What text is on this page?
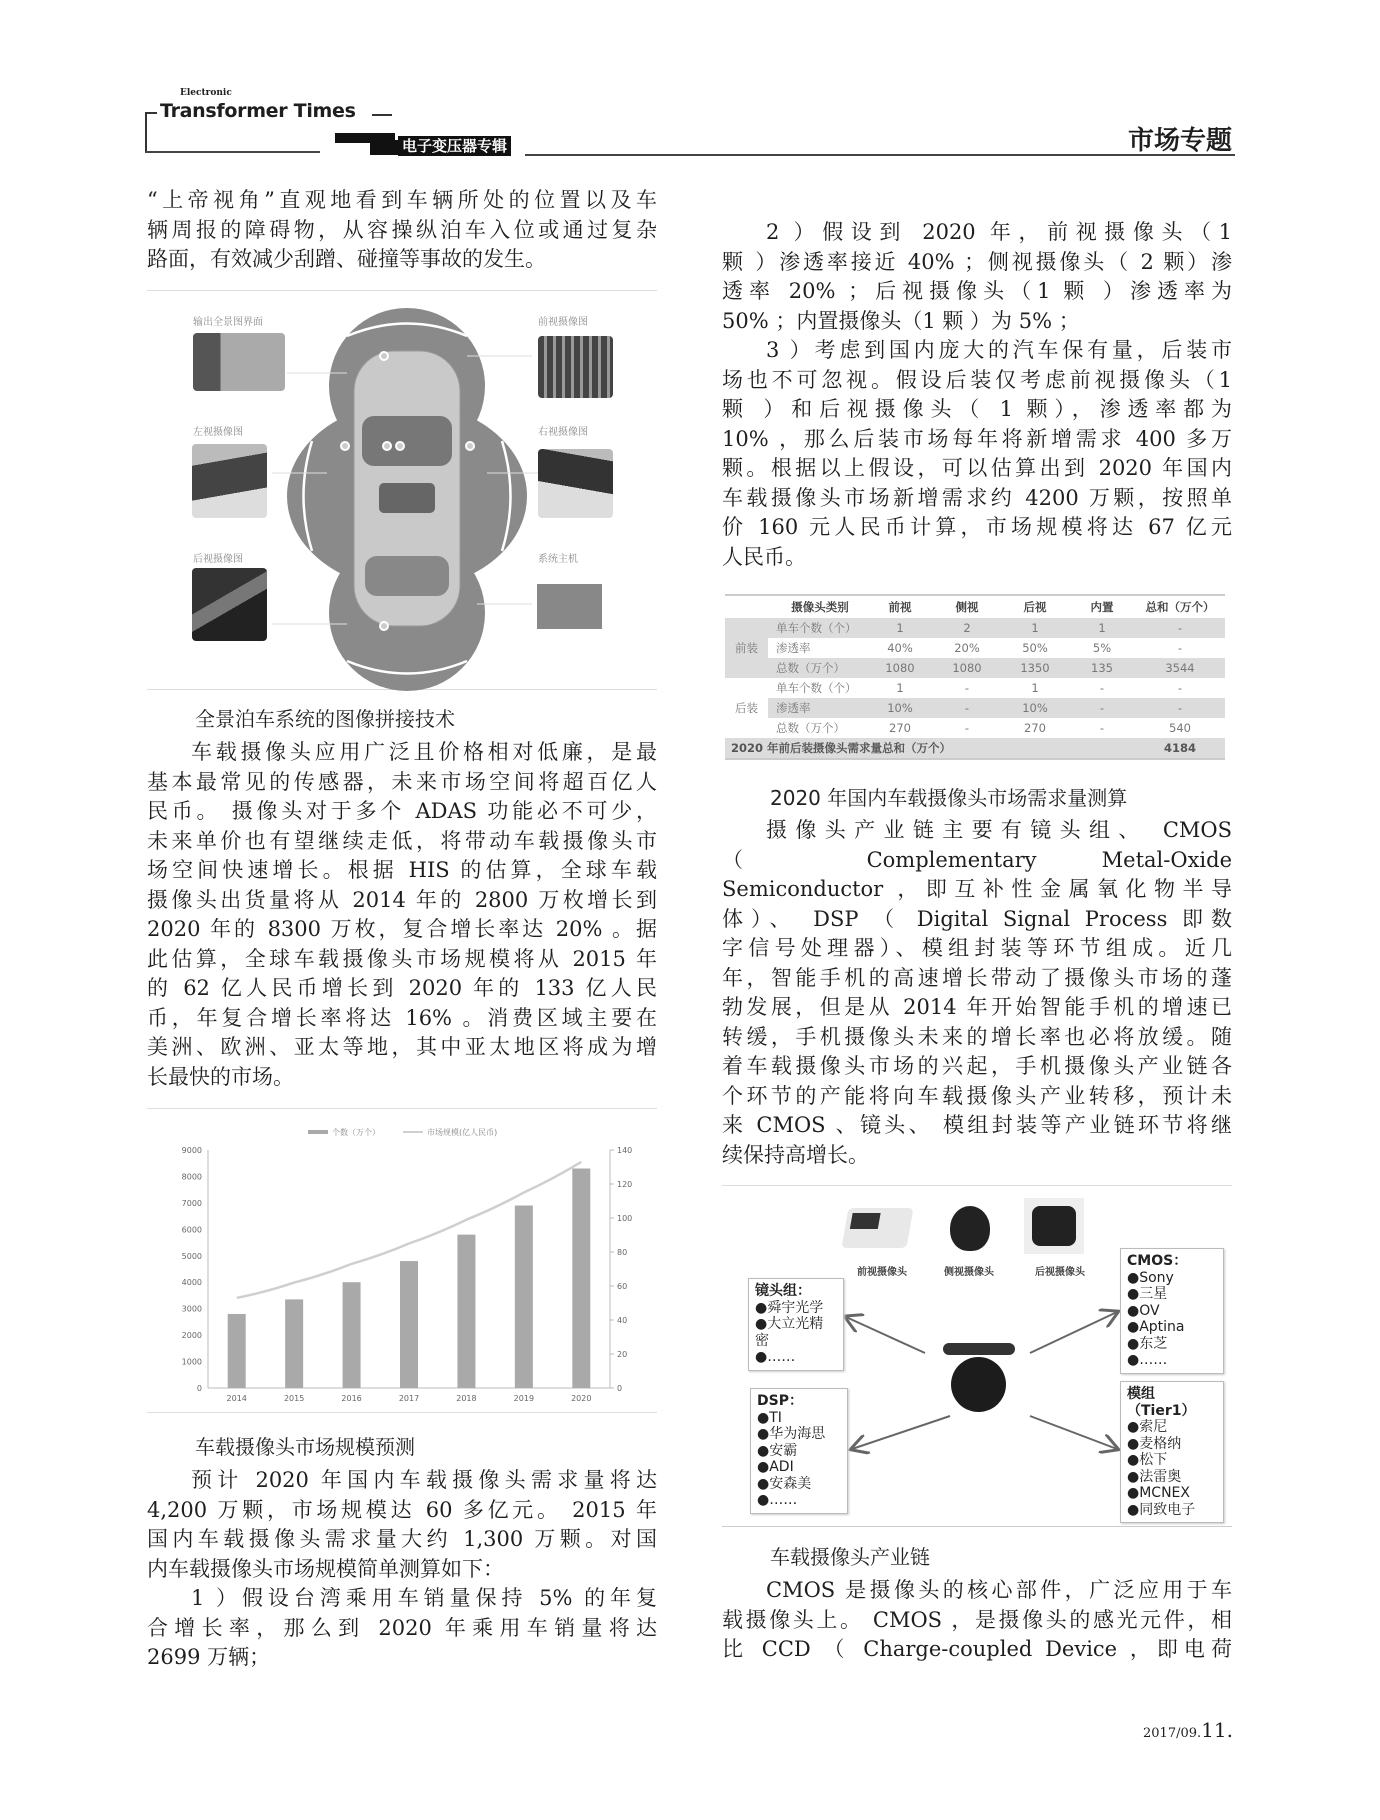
Electronic
Transformer Times
电子变压器专辑	市场专题
“上帝视角”直观地看到车辆所处的位置以及车
辆周报的障碍物，从容操纵泊车入位或通过复杂
路面，有效减少刮蹭、碰撞等事故的发生。
输出全景图界面	前视摄像图
左视摄像图	右视摄像图
后视摄像图	系统主机
全景泊车系统的图像拼接技术
车载摄像头应用广泛且价格相对低廉，是最
基本最常见的传感器，未来市场空间将超百亿人
民币。 摄像头对于多个 ADAS 功能必不可少，
未来单价也有望继续走低，将带动车载摄像头市
场空间快速增长。根据 HIS 的估算，全球车载
摄像头出货量将从 2014 年的 2800 万枚增长到
2020 年的 8300 万枚，复合增长率达 20% 。据
此估算，全球车载摄像头市场规模将从 2015 年
的 62 亿人民币增长到 2020 年的 133 亿人民
币，年复合增长率将达 16% 。消费区域主要在
美洲、欧洲、亚太等地，其中亚太地区将成为增
长最快的市场。
0
1000
2000
3000
4000
5000
6000
7000
8000
9000
0
20
40
60
80
100
120
140
2014	2015	2016	2017	2018	2019	2020
个数（万个）	市场规模(亿人民币)
车载摄像头市场规模预测
预计 2020 年国内车载摄像头需求量将达
4,200 万颗，市场规模达 60 多亿元。 2015 年
国内车载摄像头需求量大约 1,300 万颗。对国
内车载摄像头市场规模简单测算如下：
1 ）假设台湾乘用车销量保持 5% 的年复
合增长率，那么到 2020 年乘用车销量将达
2699 万辆；
2 ）假设到 2020 年，前视摄像头（1
颗 ）渗透率接近 40% ；侧视摄像头（ 2 颗）渗
透率 20% ；后视摄像头（1 颗 ）渗透率为
50% ；内置摄像头（1 颗 ）为 5% ；
3 ）考虑到国内庞大的汽车保有量，后装市
场也不可忽视。假设后装仅考虑前视摄像头（1
颗 ）和后视摄像头（ 1 颗），渗透率都为
10% ，那么后装市场每年将新增需求 400 多万
颗。根据以上假设，可以估算出到 2020 年国内
车载摄像头市场新增需求约 4200 万颗，按照单
价 160 元人民币计算，市场规模将达 67 亿元
人民币。
摄像头类别	前视	侧视	后视	内置	总和（万个）
前装
后装
单车个数（个）	1	2	1	1	-
渗透率	40%	20%	50%	5%	-
总数（万个）	1080	1080	1350	135	3544
单车个数（个）	1	-	1	-	-
渗透率	10%	-	10%	-	-
总数（万个）	270	-	270	-	540
2020 年前后装摄像头需求量总和（万个）	4184
2020 年国内车载摄像头市场需求量测算
摄像头产业链主要有镜头组、 CMOS
（ Complementary Metal-Oxide
Semiconductor ，即互补性金属氧化物半导
体）、 DSP （ Digital Signal Process 即数
字信号处理器）、模组封装等环节组成。近几
年，智能手机的高速增长带动了摄像头市场的蓬
勃发展，但是从 2014 年开始智能手机的增速已
转缓，手机摄像头未来的增长率也必将放缓。随
着车载摄像头市场的兴起，手机摄像头产业链各
个环节的产能将向车载摄像头产业转移，预计未
来 CMOS 、镜头、 模组封装等产业链环节将继
续保持高增长。
前视摄像头	侧视摄像头	后视摄像头
镜头组：
●舜宇光学
●大立光精密
●……
CMOS：
●Sony
●三星
●OV
●Aptina
●东芝
●……
DSP：
●TI
●华为海思
●安霸
●ADI
●安森美
●……
模组
（Tier1）
●索尼
●麦格纳
●松下
●法雷奥
●MCNEX
●同致电子
车载摄像头产业链
CMOS 是摄像头的核心部件，广泛应用于车
载摄像头上。 CMOS ，是摄像头的感光元件，相
比 CCD （ Charge-coupled Device ，即电荷
2017/09.11.
